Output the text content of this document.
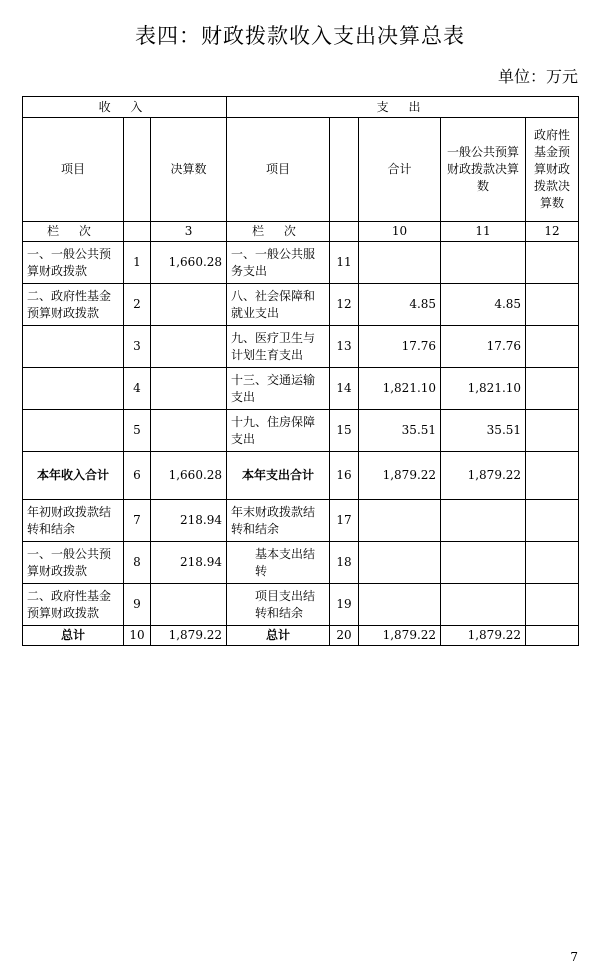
表四：财政拨款收入支出决算总表
单位：万元
收 入			支 出				
项目		决算数	项目		合计	一般公共预算财政拨款决算数	政府性基金预算财政拨款决算数
栏 次		3	栏 次		10	11	12
一、一般公共预算财政拨款	1	1,660.28	一、一般公共服务支出	11			
二、政府性基金预算财政拨款	2		八、社会保障和就业支出	12	4.85	4.85	
	3		九、医疗卫生与计划生育支出	13	17.76	17.76	
	4		十三、交通运输支出	14	1,821.10	1,821.10	
	5		十九、住房保障支出	15	35.51	35.51	
本年收入合计	6	1,660.28	本年支出合计	16	1,879.22	1,879.22	
年初财政拨款结转和结余	7	218.94	年末财政拨款结转和结余	17			
一、一般公共预算财政拨款	8	218.94	基本支出结转	18			
二、政府性基金预算财政拨款	9		项目支出结转和结余	19			
总计	10	1,879.22	总计	20	1,879.22	1,879.22	
7
